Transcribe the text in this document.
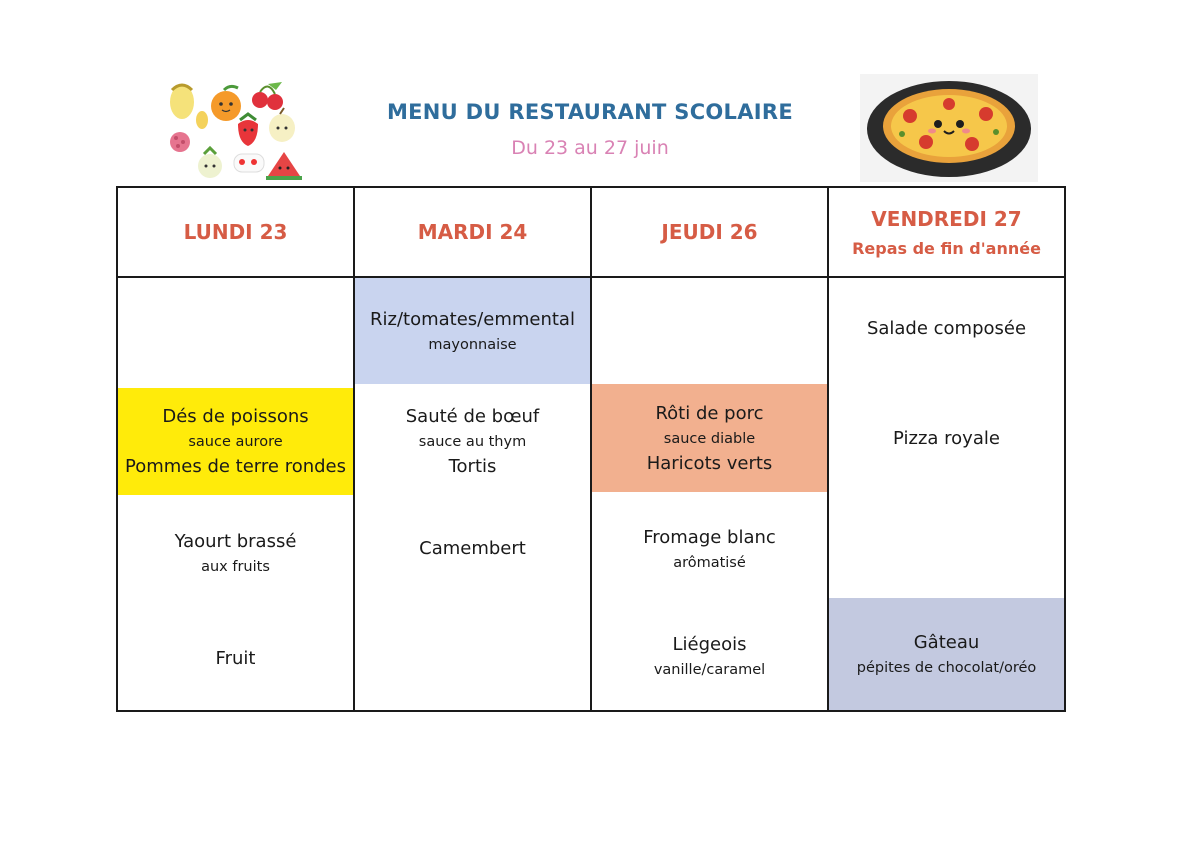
MENU DU RESTAURANT SCOLAIRE
Du 23 au 27 juin
LUNDI 23
Dés de poissons
sauce aurore
Pommes de terre rondes
Yaourt brassé
aux fruits
Fruit
MARDI 24
Riz/tomates/emmental
mayonnaise
Sauté de bœuf
sauce au thym
Tortis
Camembert
JEUDI 26
Rôti de porc
sauce diable
Haricots verts
Fromage blanc
arômatisé
Liégeois
vanille/caramel
VENDREDI 27
Repas de fin d'année
Salade composée
Pizza royale
Gâteau
pépites de chocolat/oréo
